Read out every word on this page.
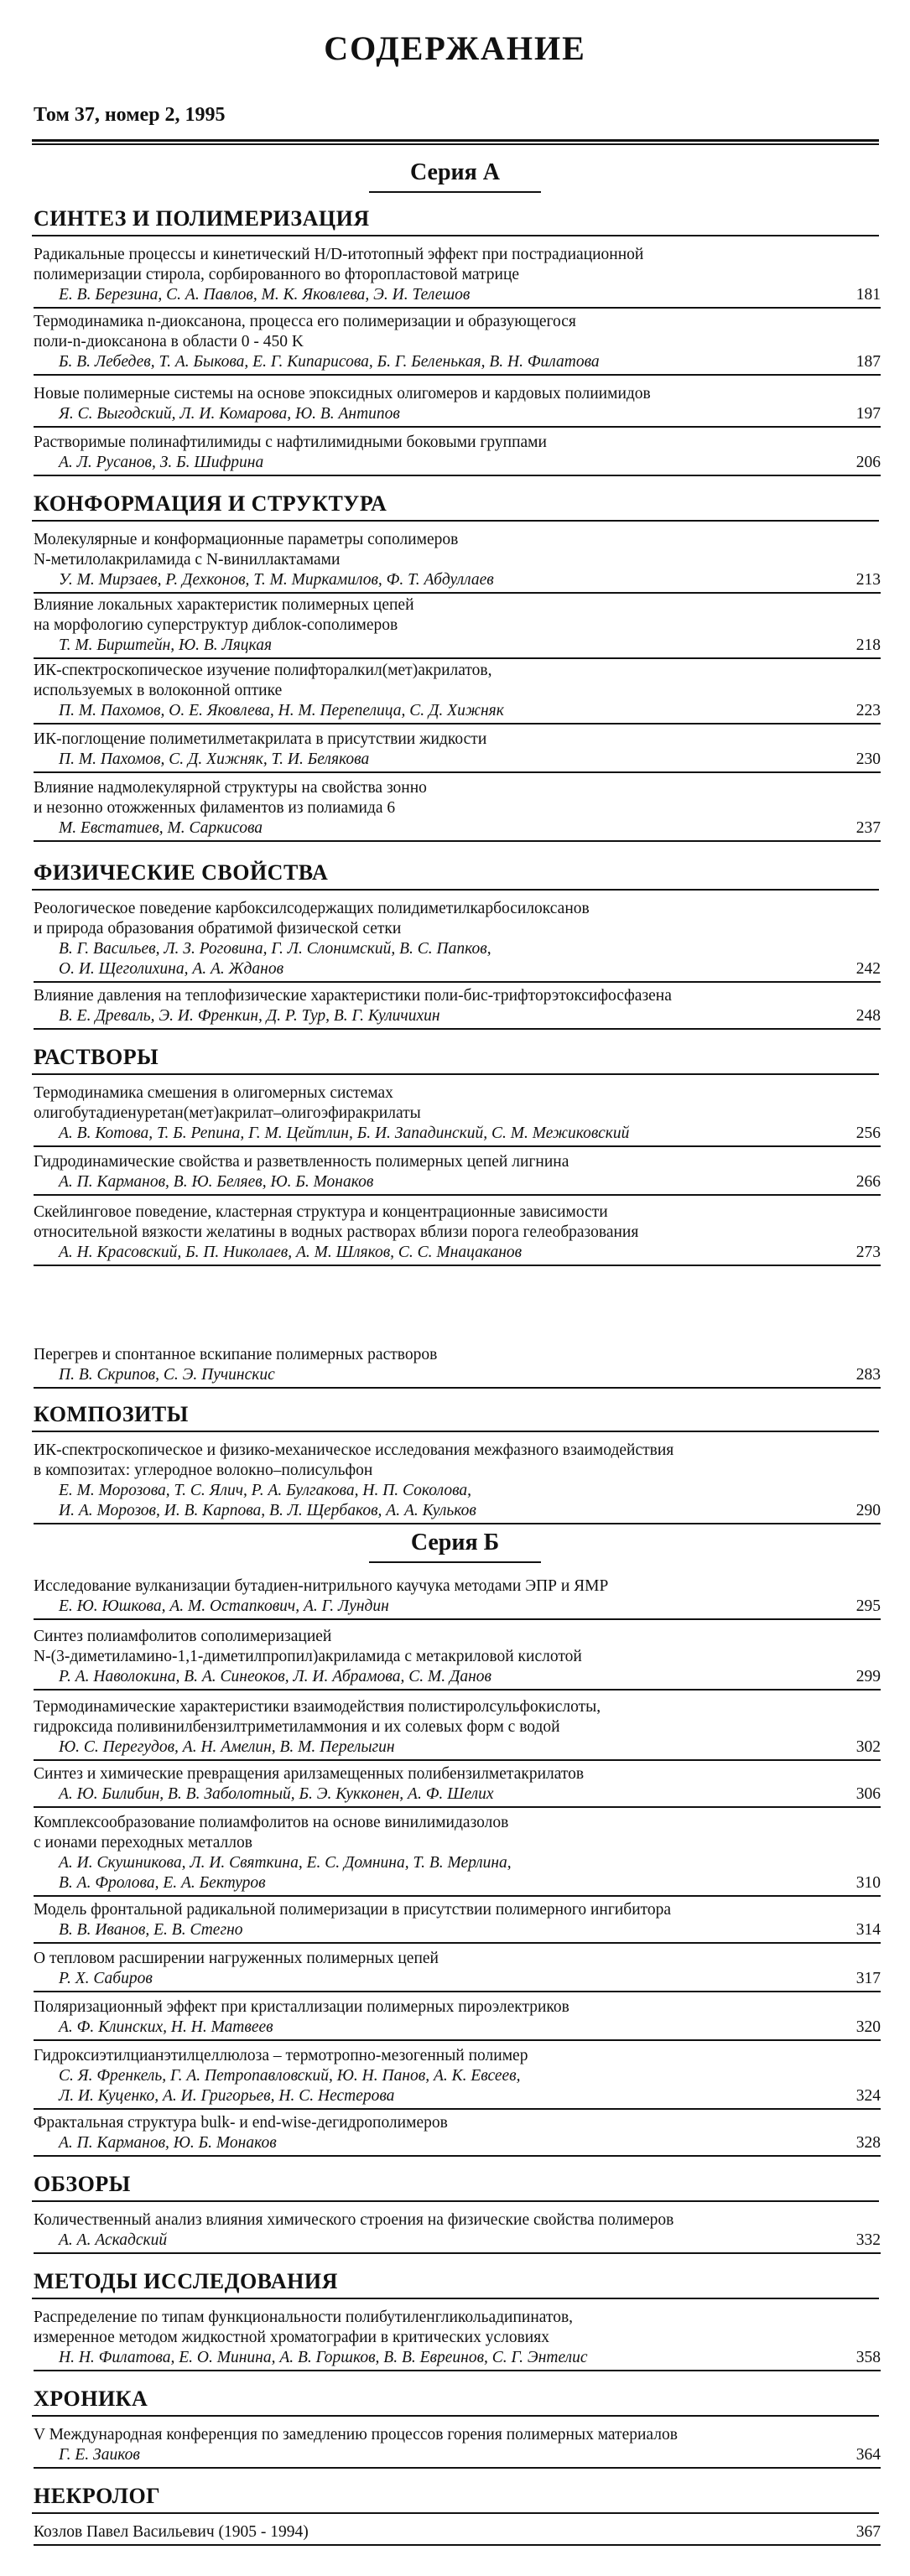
СОДЕРЖАНИЕ
Том 37, номер 2, 1995
Серия А
СИНТЕЗ И ПОЛИМЕРИЗАЦИЯ
Радикальные процессы и кинетический H/D-итотопный эффект при пострадиационной
полимеризации стирола, сорбированного во фторопластовой матрице
Е. В. Березина, С. А. Павлов, М. К. Яковлева, Э. И. Телешов	181
Термодинамика n-диоксанона, процесса его полимеризации и образующегося
поли-n-диоксанона в области 0 - 450 K
Б. В. Лебедев, Т. А. Быкова, Е. Г. Кипарисова, Б. Г. Беленькая, В. Н. Филатова	187
Новые полимерные системы на основе эпоксидных олигомеров и кардовых полиимидов
Я. С. Выгодский, Л. И. Комарова, Ю. В. Антипов	197
Растворимые полинафтилимиды с нафтилимидными боковыми группами
А. Л. Русанов, З. Б. Шифрина	206
КОНФОРМАЦИЯ И СТРУКТУРА
Молекулярные и конформационные параметры сополимеров
N-метилолакриламида с N-виниллактамами
У. М. Мирзаев, Р. Дехконов, Т. М. Миркамилов, Ф. Т. Абдуллаев	213
Влияние локальных характеристик полимерных цепей
на морфологию суперструктур диблок-сополимеров
Т. М. Бирштейн, Ю. В. Ляцкая	218
ИК-спектроскопическое изучение полифторалкил(мет)акрилатов,
используемых в волоконной оптике
П. М. Пахомов, О. Е. Яковлева, Н. М. Перепелица, С. Д. Хижняк	223
ИК-поглощение полиметилметакрилата в присутствии жидкости
П. М. Пахомов, С. Д. Хижняк, Т. И. Белякова	230
Влияние надмолекулярной структуры на свойства зонно
и незонно отожженных филаментов из полиамида 6
М. Евстатиев, М. Саркисова	237
ФИЗИЧЕСКИЕ СВОЙСТВА
Реологическое поведение карбоксилсодержащих полидиметилкарбосилоксанов
и природа образования обратимой физической сетки
В. Г. Васильев, Л. З. Роговина, Г. Л. Слонимский, В. С. Папков,
О. И. Щеголихина, А. А. Жданов	242
Влияние давления на теплофизические характеристики поли-бис-трифторэтоксифосфазена
В. Е. Древаль, Э. И. Френкин, Д. Р. Тур, В. Г. Куличихин	248
РАСТВОРЫ
Термодинамика смешения в олигомерных системах
олигобутадиенуретан(мет)акрилат–олигоэфиракрилаты
А. В. Котова, Т. Б. Репина, Г. М. Цейтлин, Б. И. Западинский, С. М. Межиковский	256
Гидродинамические свойства и разветвленность полимерных цепей лигнина
А. П. Карманов, В. Ю. Беляев, Ю. Б. Монаков	266
Скейлинговое поведение, кластерная структура и концентрационные зависимости
относительной вязкости желатины в водных растворах вблизи порога гелеобразования
А. Н. Красовский, Б. П. Николаев, А. М. Шляков, С. С. Мнацаканов	273
Перегрев и спонтанное вскипание полимерных растворов
П. В. Скрипов, С. Э. Пучинскис	283
КОМПОЗИТЫ
ИК-спектроскопическое и физико-механическое исследования межфазного взаимодействия
в композитах: углеродное волокно–полисульфон
Е. М. Морозова, Т. С. Ялич, Р. А. Булгакова, Н. П. Соколова,
И. А. Морозов, И. В. Карпова, В. Л. Щербаков, А. А. Кульков	290
Серия Б
Исследование вулканизации бутадиен-нитрильного каучука методами ЭПР и ЯМР
Е. Ю. Юшкова, А. М. Остапкович, А. Г. Лундин	295
Синтез полиамфолитов сополимеризацией
N-(3-диметиламино-1,1-диметилпропил)акриламида с метакриловой кислотой
Р. А. Наволокина, В. А. Синеоков, Л. И. Абрамова, С. М. Данов	299
Термодинамические характеристики взаимодействия полистиролсульфокислоты,
гидроксида поливинилбензилтриметиламмония и их солевых форм с водой
Ю. С. Перегудов, А. Н. Амелин, В. М. Перелыгин	302
Синтез и химические превращения арилзамещенных полибензилметакрилатов
А. Ю. Билибин, В. В. Заболотный, Б. Э. Кукконен, А. Ф. Шелих	306
Комплексообразование полиамфолитов на основе винилимидазолов
с ионами переходных металлов
А. И. Скушникова, Л. И. Святкина, Е. С. Домнина, Т. В. Мерлина,
В. А. Фролова, Е. А. Бектуров	310
Модель фронтальной радикальной полимеризации в присутствии полимерного ингибитора
В. В. Иванов, Е. В. Стегно	314
О тепловом расширении нагруженных полимерных цепей
Р. Х. Сабиров	317
Поляризационный эффект при кристаллизации полимерных пироэлектриков
А. Ф. Клинских, Н. Н. Матвеев	320
Гидроксиэтилцианэтилцеллюлоза – термотропно-мезогенный полимер
С. Я. Френкель, Г. А. Петропавловский, Ю. Н. Панов, А. К. Евсеев,
Л. И. Куценко, А. И. Григорьев, Н. С. Нестерова	324
Фрактальная структура bulk- и end-wise-дегидрополимеров
А. П. Карманов, Ю. Б. Монаков	328
ОБЗОРЫ
Количественный анализ влияния химического строения на физические свойства полимеров
А. А. Аскадский	332
МЕТОДЫ ИССЛЕДОВАНИЯ
Распределение по типам функциональности полибутиленгликольадипинатов,
измеренное методом жидкостной хроматографии в критических условиях
Н. Н. Филатова, Е. О. Минина, А. В. Горшков, В. В. Евреинов, С. Г. Энтелис	358
ХРОНИКА
V Международная конференция по замедлению процессов горения полимерных материалов
Г. Е. Заиков	364
НЕКРОЛОГ
Козлов Павел Васильевич (1905 - 1994)	367
